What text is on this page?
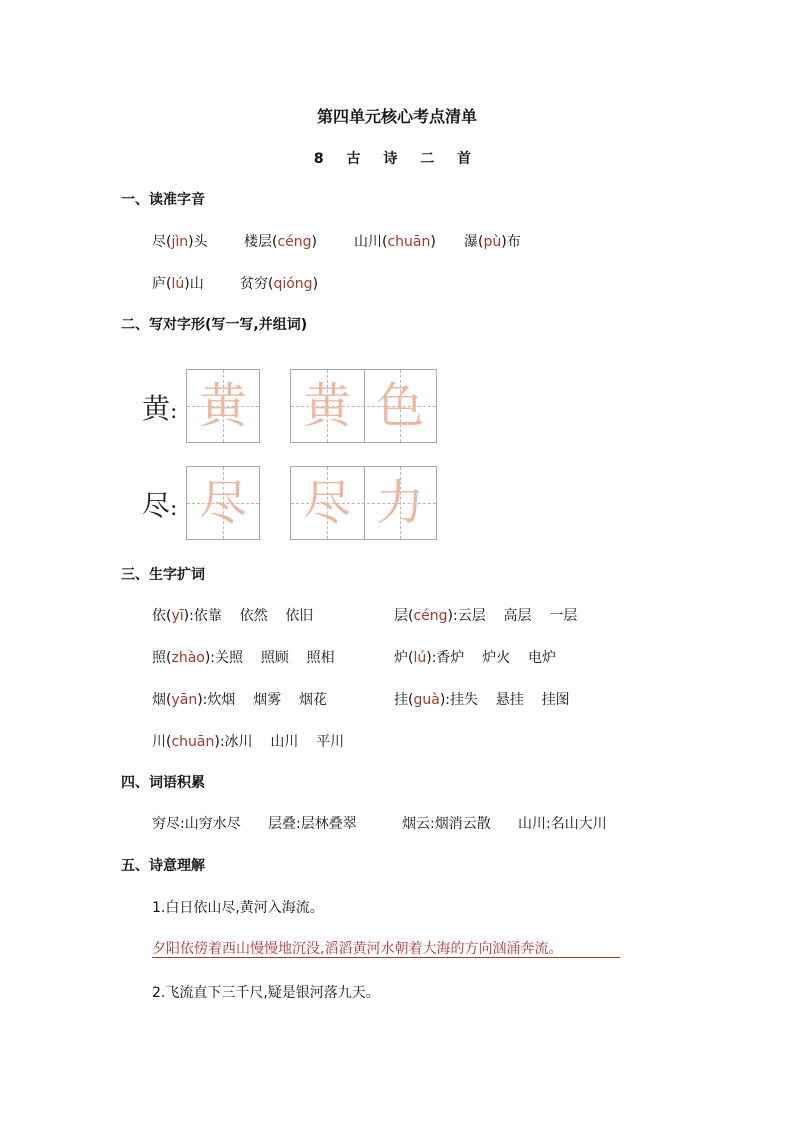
第四单元核心考点清单
8 古 诗 二 首
一、读准字音
尽(jìn)头	楼层(céng)	山川(chuān) 瀑(pù)布
庐(lú)山	贫穷(qióng)
二、写对字形(写一写,并组词)
黄: 黄 黄 色
尽: 尽 尽 力
三、生字扩词
依(yī):依靠    依然    依旧	层(céng):云层    高层    一层
照(zhào):关照    照顾    照相	炉(lú):香炉    炉火    电炉
烟(yān):炊烟    烟雾    烟花	挂(guà):挂失    悬挂    挂图
川(chuān):冰川    山川    平川
四、词语积累
穷尽:山穷水尽 层叠:层林叠翠	烟云:烟消云散 山川:名山大川
五、诗意理解
1.白日依山尽,黄河入海流。
夕阳依傍着西山慢慢地沉没,滔滔黄河水朝着大海的方向汹涌奔流。
2.飞流直下三千尺,疑是银河落九天。
